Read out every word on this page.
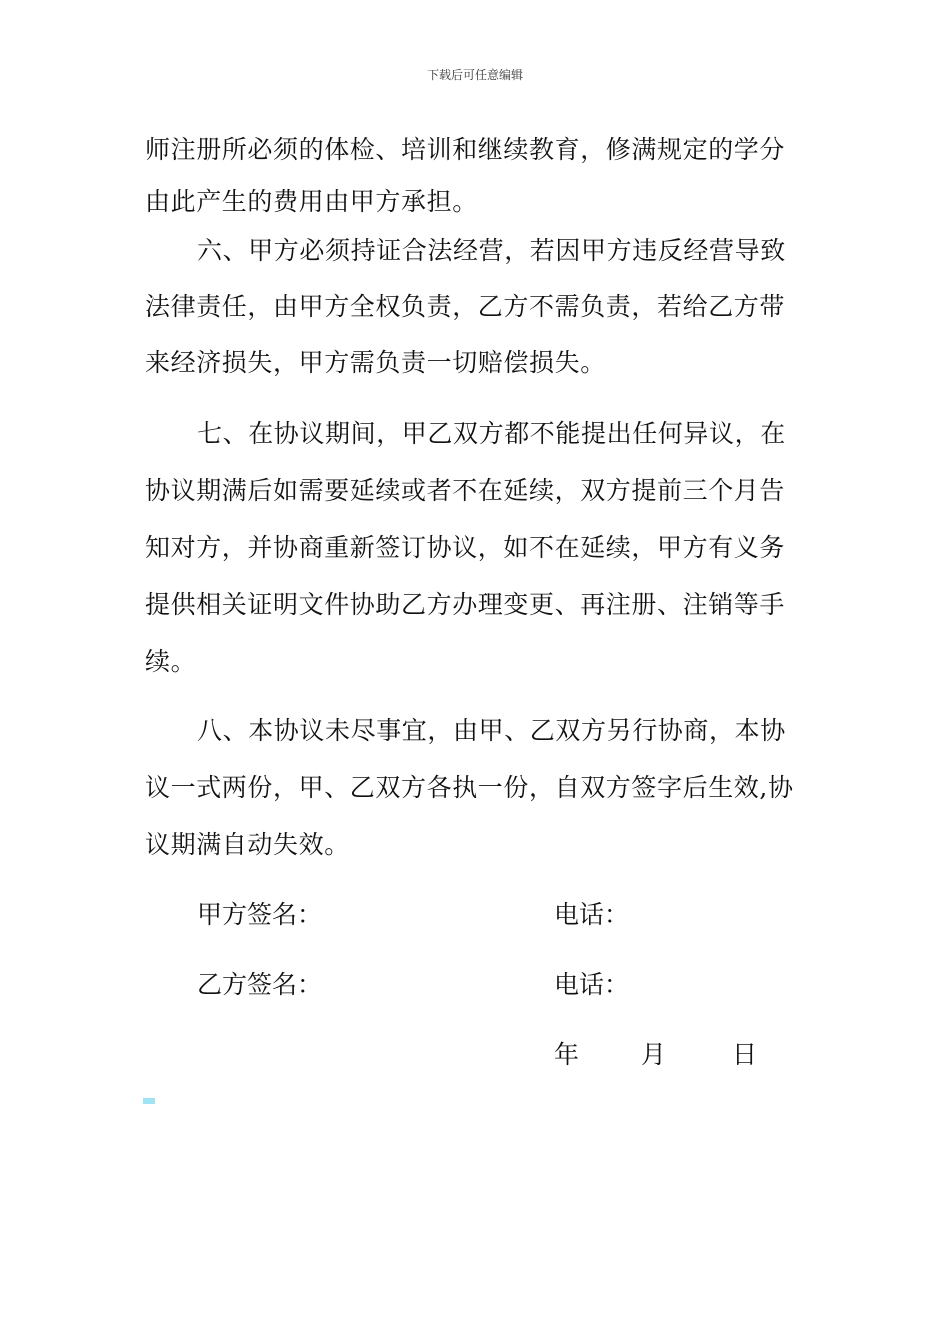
下载后可任意编辑
师注册所必须的体检、培训和继续教育，修满规定的学分
由此产生的费用由甲方承担。
六、甲方必须持证合法经营，若因甲方违反经营导致
法律责任，由甲方全权负责，乙方不需负责，若给乙方带
来经济损失，甲方需负责一切赔偿损失。
七、在协议期间，甲乙双方都不能提出任何异议，在
协议期满后如需要延续或者不在延续，双方提前三个月告
知对方，并协商重新签订协议，如不在延续，甲方有义务
提供相关证明文件协助乙方办理变更、再注册、注销等手
续。
八、本协议未尽事宜，由甲、乙双方另行协商，本协
议一式两份，甲、乙双方各执一份，自双方签字后生效,协
议期满自动失效。
甲方签名：	电话：
乙方签名：	电话：
年 月	日
